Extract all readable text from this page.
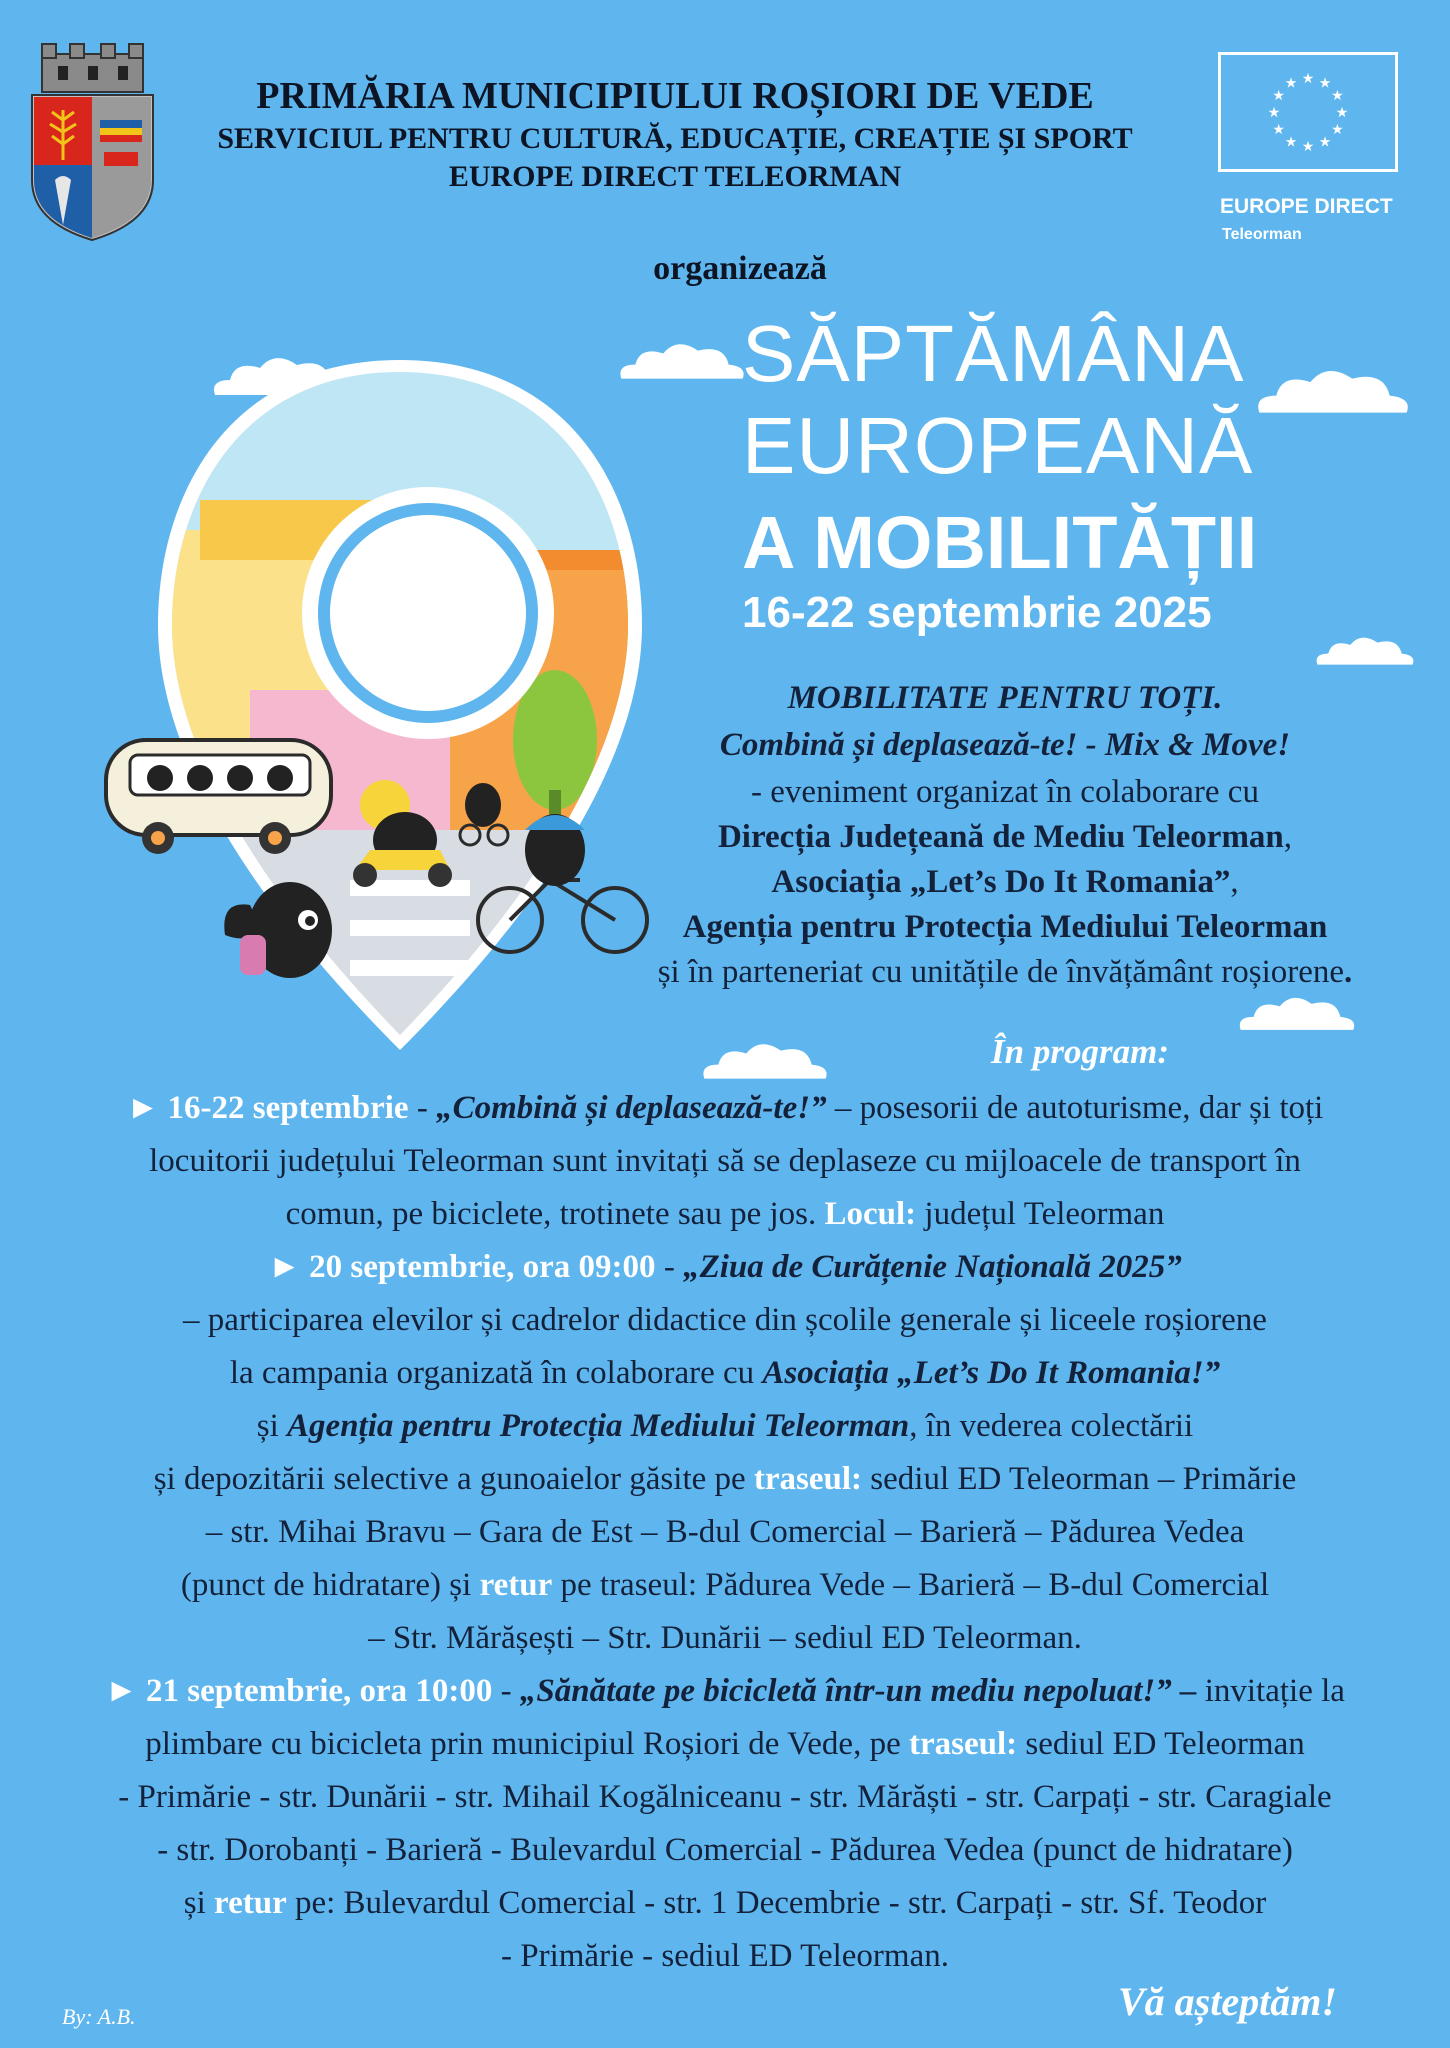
PRIMĂRIA MUNICIPIULUI ROȘIORI DE VEDE
SERVICIUL PENTRU CULTURĂ, EDUCAȚIE, CREAȚIE ȘI SPORT
EUROPE DIRECT TELEORMAN
★ ★
★
★
★
★
★
★
★
★
★
★
EUROPE DIRECT
Teleorman
organizează
2025
SĂPTĂMÂNA
EUROPEANĂ
A MOBILITĂȚII
16-22 septembrie 2025
MOBILITATE PENTRU TOȚI.
Combină și deplasează-te! - Mix & Move!
- eveniment organizat în colaborare cu
Direcția Județeană de Mediu Teleorman,
Asociația „Let’s Do It Romania”,
Agenția pentru Protecția Mediului Teleorman
și în parteneriat cu unitățile de învățământ roșiorene.
În program:
► 16-22 septembrie - „Combină și deplasează-te!” – posesorii de autoturisme, dar și toți
locuitorii județului Teleorman sunt invitați să se deplaseze cu mijloacele de transport în
comun, pe biciclete, trotinete sau pe jos. Locul: județul Teleorman
► 20 septembrie, ora 09:00 - „Ziua de Curățenie Națională 2025”
– participarea elevilor și cadrelor didactice din școlile generale și liceele roșiorene
la campania organizată în colaborare cu Asociația „Let’s Do It Romania!”
și Agenția pentru Protecția Mediului Teleorman, în vederea colectării
și depozitării selective a gunoaielor găsite pe traseul: sediul ED Teleorman – Primărie
– str. Mihai Bravu – Gara de Est – B-dul Comercial – Barieră – Pădurea Vedea
(punct de hidratare) și retur pe traseul: Pădurea Vede – Barieră – B-dul Comercial
– Str. Mărășești – Str. Dunării – sediul ED Teleorman.
► 21 septembrie, ora 10:00 - „Sănătate pe bicicletă într-un mediu nepoluat!” – invitație la
plimbare cu bicicleta prin municipiul Roșiori de Vede, pe traseul: sediul ED Teleorman
- Primărie - str. Dunării - str. Mihail Kogălniceanu - str. Mărăști - str. Carpați - str. Caragiale
- str. Dorobanți - Barieră - Bulevardul Comercial - Pădurea Vedea (punct de hidratare)
și retur pe: Bulevardul Comercial - str. 1 Decembrie - str. Carpați - str. Sf. Teodor
- Primărie - sediul ED Teleorman.
By: A.B.	Vă așteptăm!
